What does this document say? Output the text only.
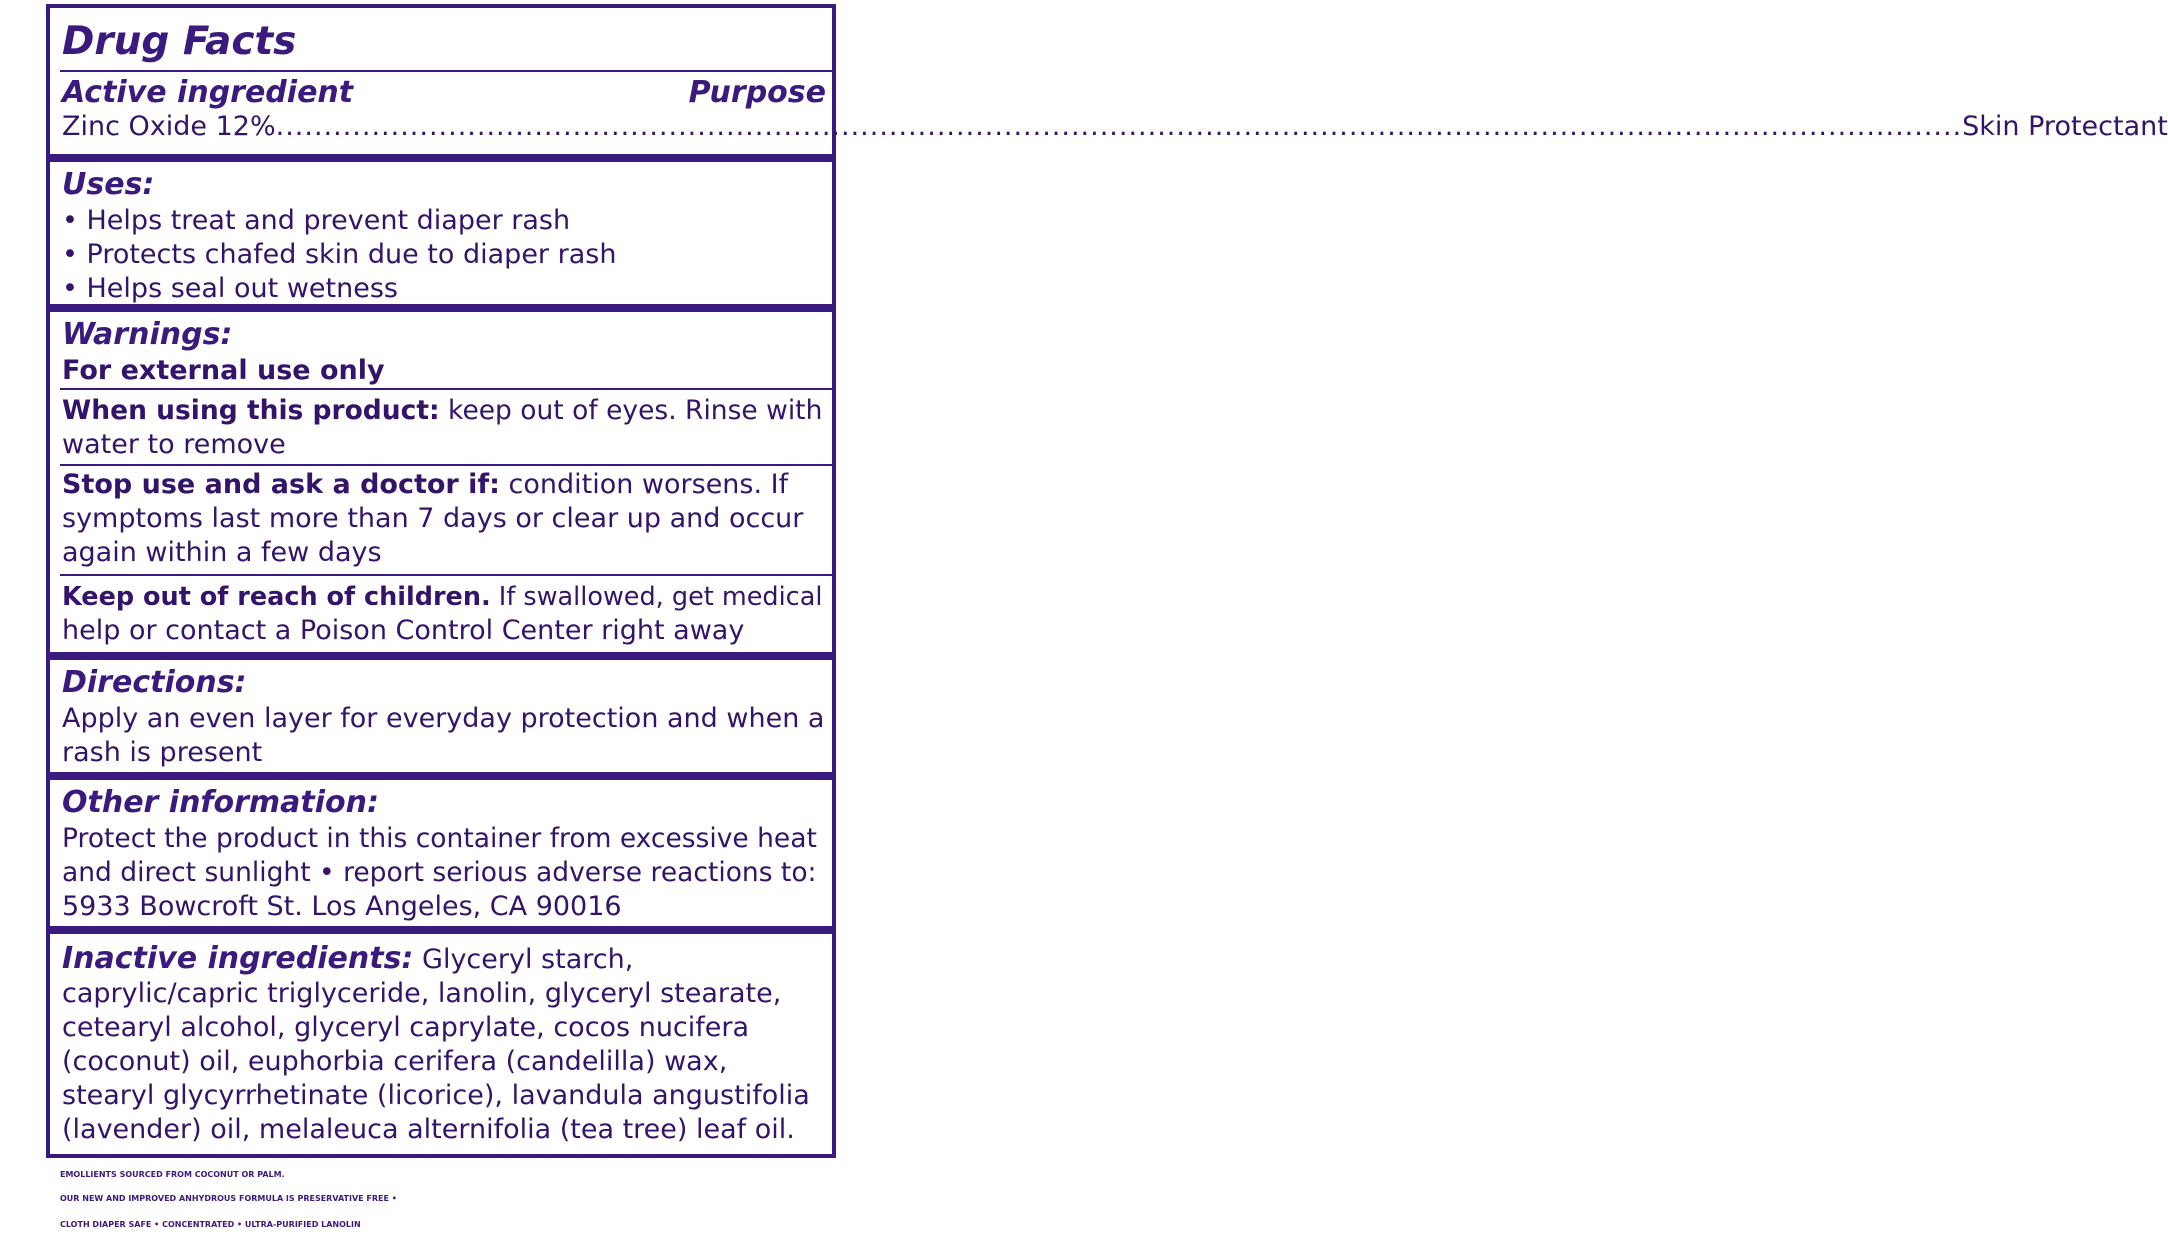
Drug Facts
Active ingredient	Purpose
Zinc Oxide 12% ................................................................................................................................................................................ Skin Protectant
Uses:
• Helps treat and prevent diaper rash
• Protects chafed skin due to diaper rash
• Helps seal out wetness
Warnings:
For external use only
When using this product: keep out of eyes. Rinse with
water to remove
Stop use and ask a doctor if: condition worsens. If
symptoms last more than 7 days or clear up and occur
again within a few days
Keep out of reach of children. If swallowed, get medical
help or contact a Poison Control Center right away
Directions:
Apply an even layer for everyday protection and when a
rash is present
Other information:
Protect the product in this container from excessive heat
and direct sunlight • report serious adverse reactions to:
5933 Bowcroft St. Los Angeles, CA 90016
Inactive ingredients: Glyceryl starch,
caprylic/capric triglyceride, lanolin, glyceryl stearate,
cetearyl alcohol, glyceryl caprylate, cocos nucifera
(coconut) oil, euphorbia cerifera (candelilla) wax,
stearyl glycyrrhetinate (licorice), lavandula angustifolia
(lavender) oil, melaleuca alternifolia (tea tree) leaf oil.
EMOLLIENTS SOURCED FROM COCONUT OR PALM.
OUR NEW AND IMPROVED ANHYDROUS FORMULA IS PRESERVATIVE FREE •
CLOTH DIAPER SAFE • CONCENTRATED • ULTRA-PURIFIED LANOLIN
